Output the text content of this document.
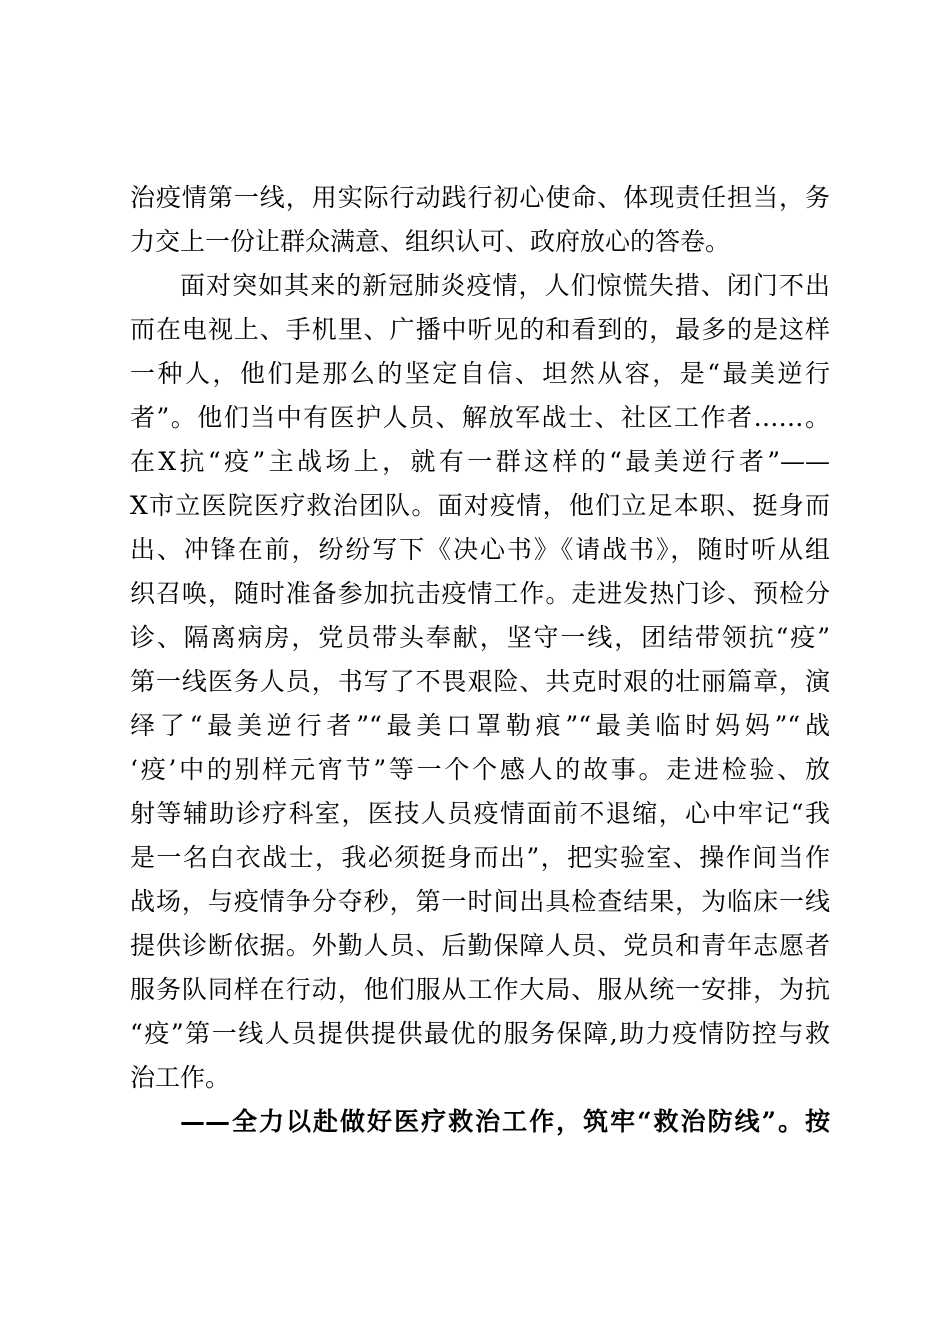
治疫情第一线，用实际行动践行初心使命、体现责任担当，务
力交上一份让群众满意、组织认可、政府放心的答卷。
面对突如其来的新冠肺炎疫情，人们惊慌失措、闭门不出
而在电视上、手机里、广播中听见的和看到的，最多的是这样
一种人，他们是那么的坚定自信、坦然从容，是“最美逆行
者”。他们当中有医护人员、解放军战士、社区工作者……。
在X抗“疫”主战场上，就有一群这样的“最美逆行者”——
X市立医院医疗救治团队。面对疫情，他们立足本职、挺身而
出、冲锋在前，纷纷写下《决心书》《请战书》，随时听从组
织召唤，随时准备参加抗击疫情工作。走进发热门诊、预检分
诊、隔离病房，党员带头奉献，坚守一线，团结带领抗“疫”
第一线医务人员，书写了不畏艰险、共克时艰的壮丽篇章，演
绎了“最美逆行者”“最美口罩勒痕”“最美临时妈妈”“战
‘疫’中的别样元宵节”等一个个感人的故事。走进检验、放
射等辅助诊疗科室，医技人员疫情面前不退缩，心中牢记“我
是一名白衣战士，我必须挺身而出”，把实验室、操作间当作
战场，与疫情争分夺秒，第一时间出具检查结果，为临床一线
提供诊断依据。外勤人员、后勤保障人员、党员和青年志愿者
服务队同样在行动，他们服从工作大局、服从统一安排，为抗
“疫”第一线人员提供提供最优的服务保障,助力疫情防控与救
治工作。
——全力以赴做好医疗救治工作，筑牢“救治防线”。按
